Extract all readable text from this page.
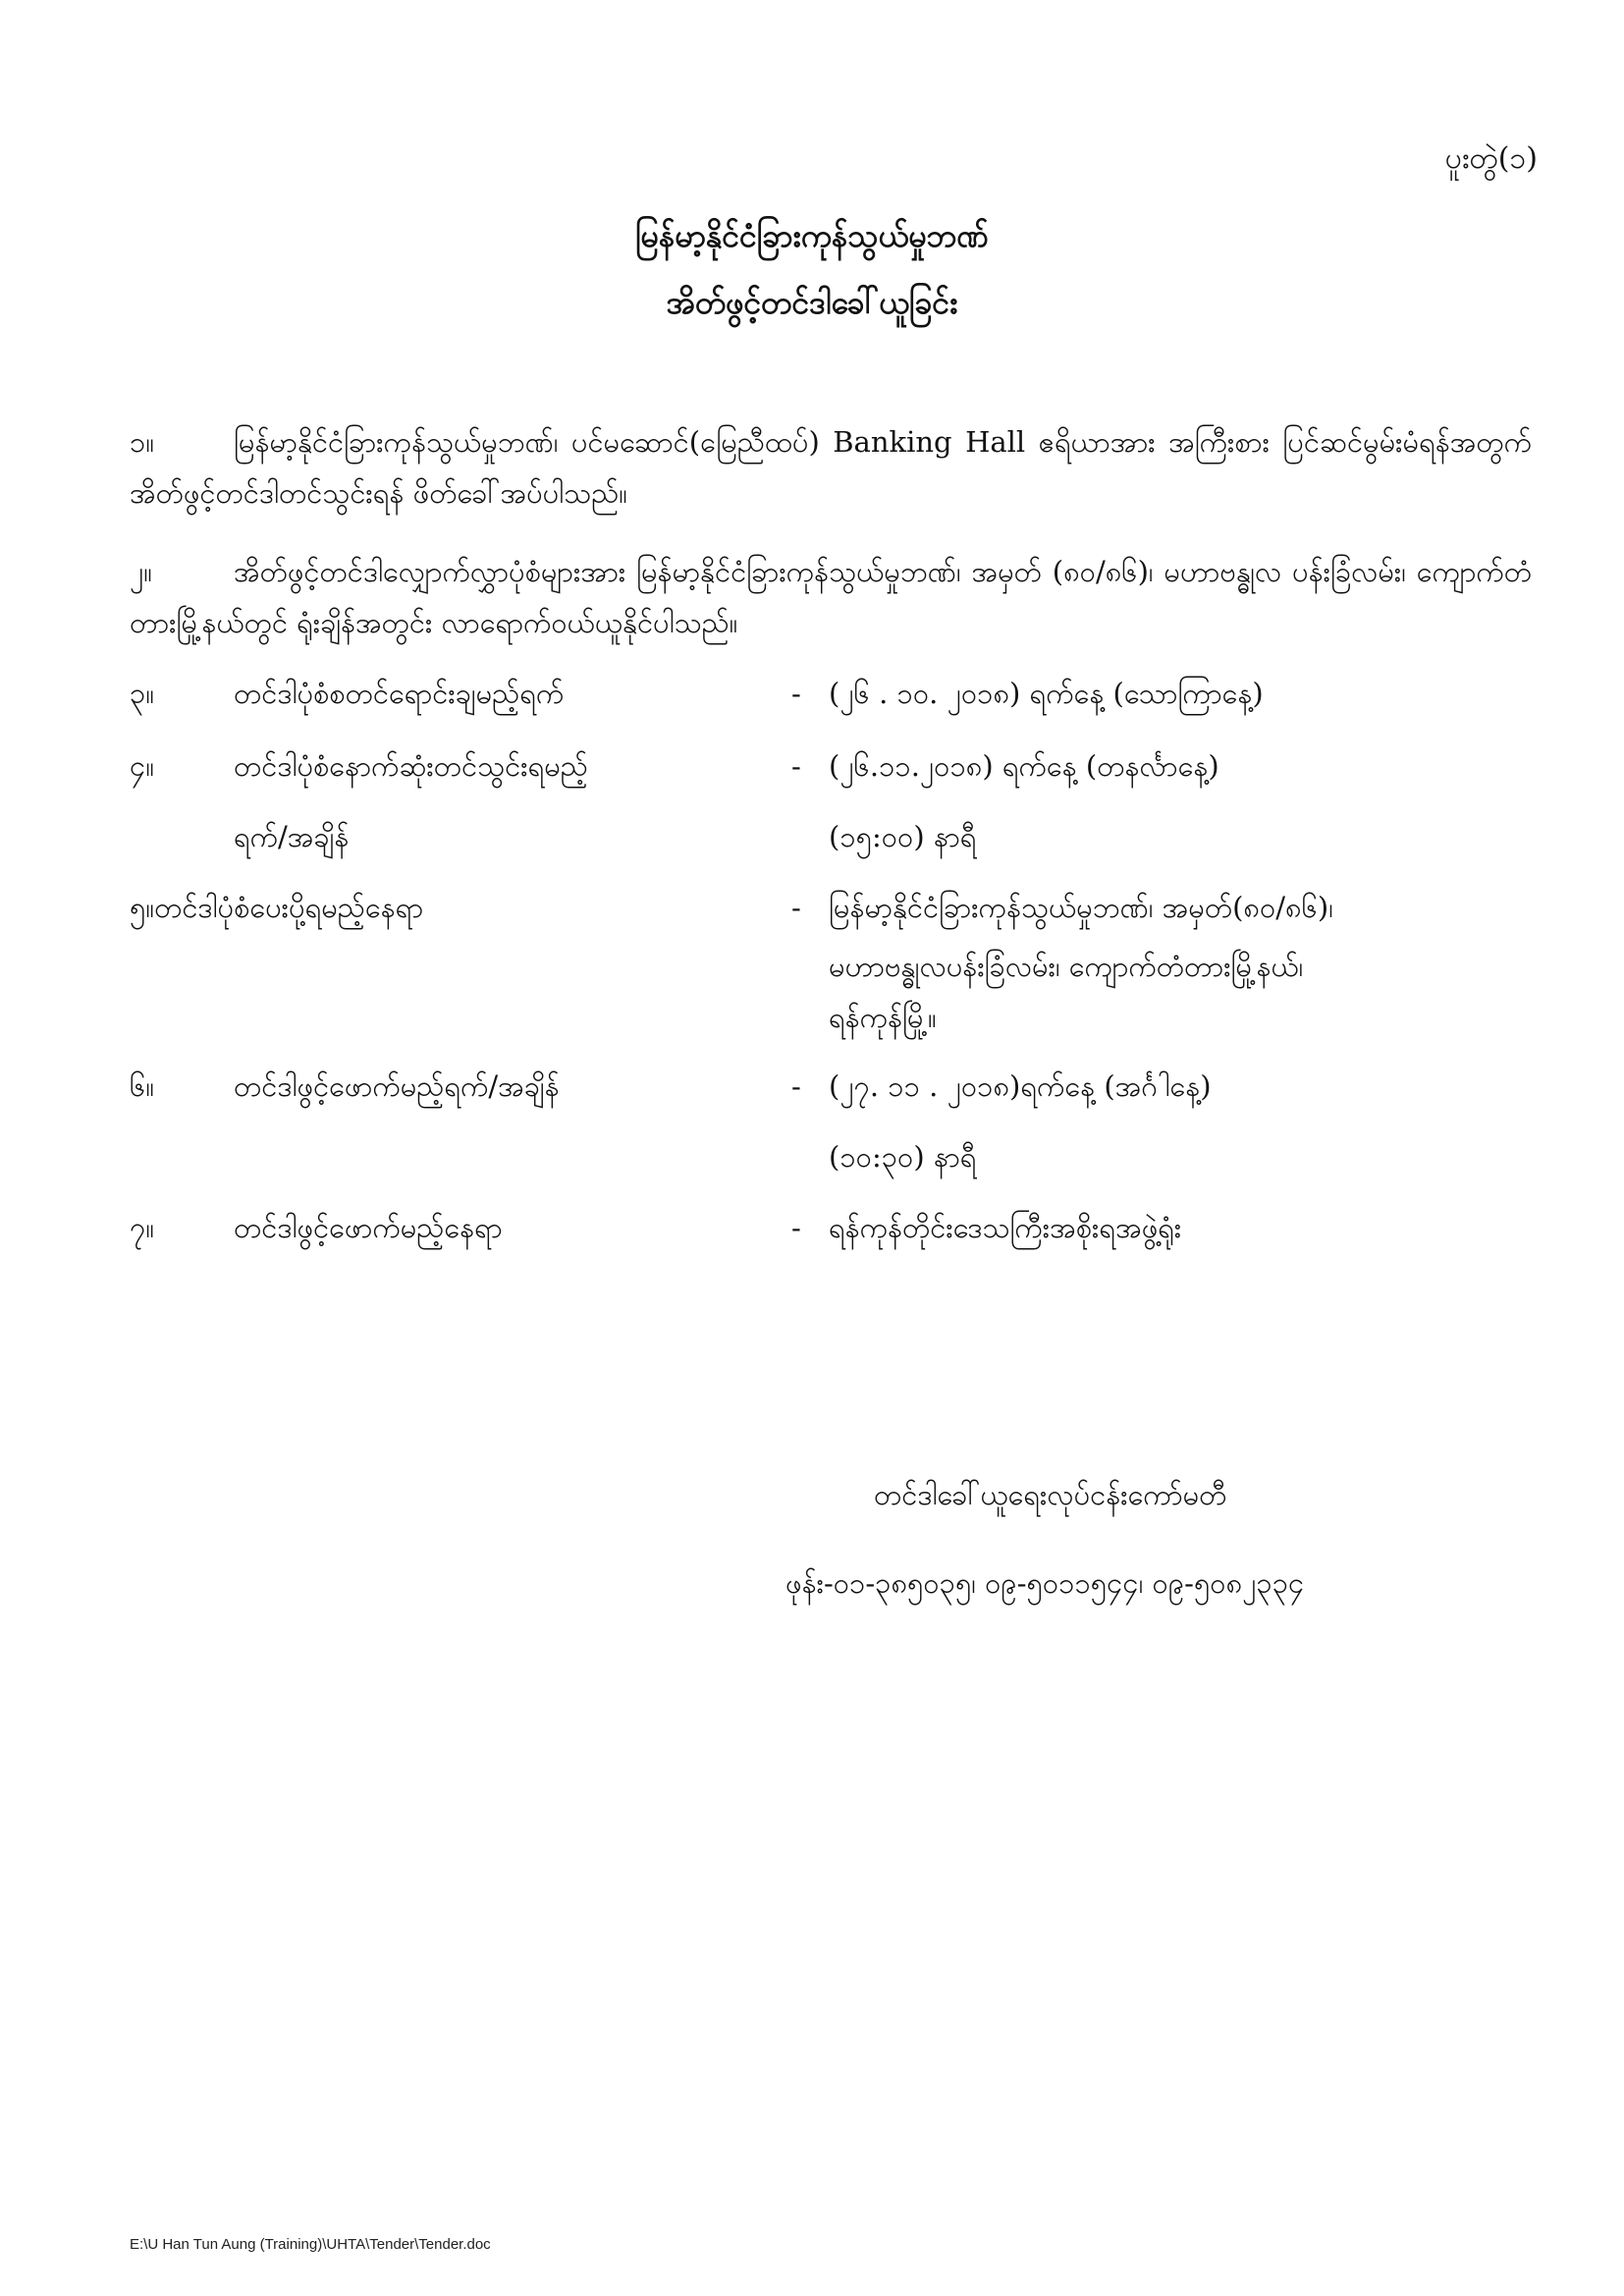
ပူးတွဲ(၁)
မြန်မာ့နိုင်ငံခြားကုန်သွယ်မှုဘဏ်
အိတ်ဖွင့်တင်ဒါခေါ်ယူခြင်း
၁။	မြန်မာ့နိုင်ငံခြားကုန်သွယ်မှုဘဏ်၊ ပင်မဆောင်(မြေညီထပ်) Banking Hall ဧရိယာအား အကြီးစား ပြင်ဆင်မွမ်းမံရန်အတွက် အိတ်ဖွင့်တင်ဒါတင်သွင်းရန် ဖိတ်ခေါ်အပ်ပါသည်။
၂။	အိတ်ဖွင့်တင်ဒါလျှောက်လွှာပုံစံများအား မြန်မာ့နိုင်ငံခြားကုန်သွယ်မှုဘဏ်၊ အမှတ် (၈၀/၈၆)၊ မဟာဗန္ဓုလ ပန်းခြံလမ်း၊ ကျောက်တံတားမြို့နယ်တွင် ရုံးချိန်အတွင်း လာရောက်ဝယ်ယူနိုင်ပါသည်။
၃။	တင်ဒါပုံစံစတင်ရောင်းချမည့်ရက်	- (၂၆ . ၁၀. ၂၀၁၈) ရက်နေ့ (သောကြာနေ့)
၄။	တင်ဒါပုံစံနောက်ဆုံးတင်သွင်းရမည့်	- (၂၆.၁၁.၂၀၁၈) ရက်နေ့ (တနင်္လာနေ့)
ရက်/အချိန်	(၁၅:၀၀) နာရီ
၅။တင်ဒါပုံစံပေးပို့ရမည့်နေရာ	- မြန်မာ့နိုင်ငံခြားကုန်သွယ်မှုဘဏ်၊ အမှတ်(၈၀/၈၆)၊
မဟာဗန္ဓုလပန်းခြံလမ်း၊ ကျောက်တံတားမြို့နယ်၊
ရန်ကုန်မြို့။
၆။	တင်ဒါဖွင့်ဖောက်မည့်ရက်/အချိန်	- (၂၇. ၁၁ . ၂၀၁၈)ရက်နေ့ (အင်္ဂါနေ့)
(၁၀:၃၀) နာရီ
၇။	တင်ဒါဖွင့်ဖောက်မည့်နေရာ	- ရန်ကုန်တိုင်းဒေသကြီးအစိုးရအဖွဲ့ရုံး
တင်ဒါခေါ်ယူရေးလုပ်ငန်းကော်မတီ
ဖုန်း-၀၁-၃၈၅၀၃၅၊ ၀၉-၅၀၁၁၅၄၄၊ ၀၉-၅၀၈၂၃၃၄
E:\U Han Tun Aung (Training)\UHTA\Tender\Tender.doc
